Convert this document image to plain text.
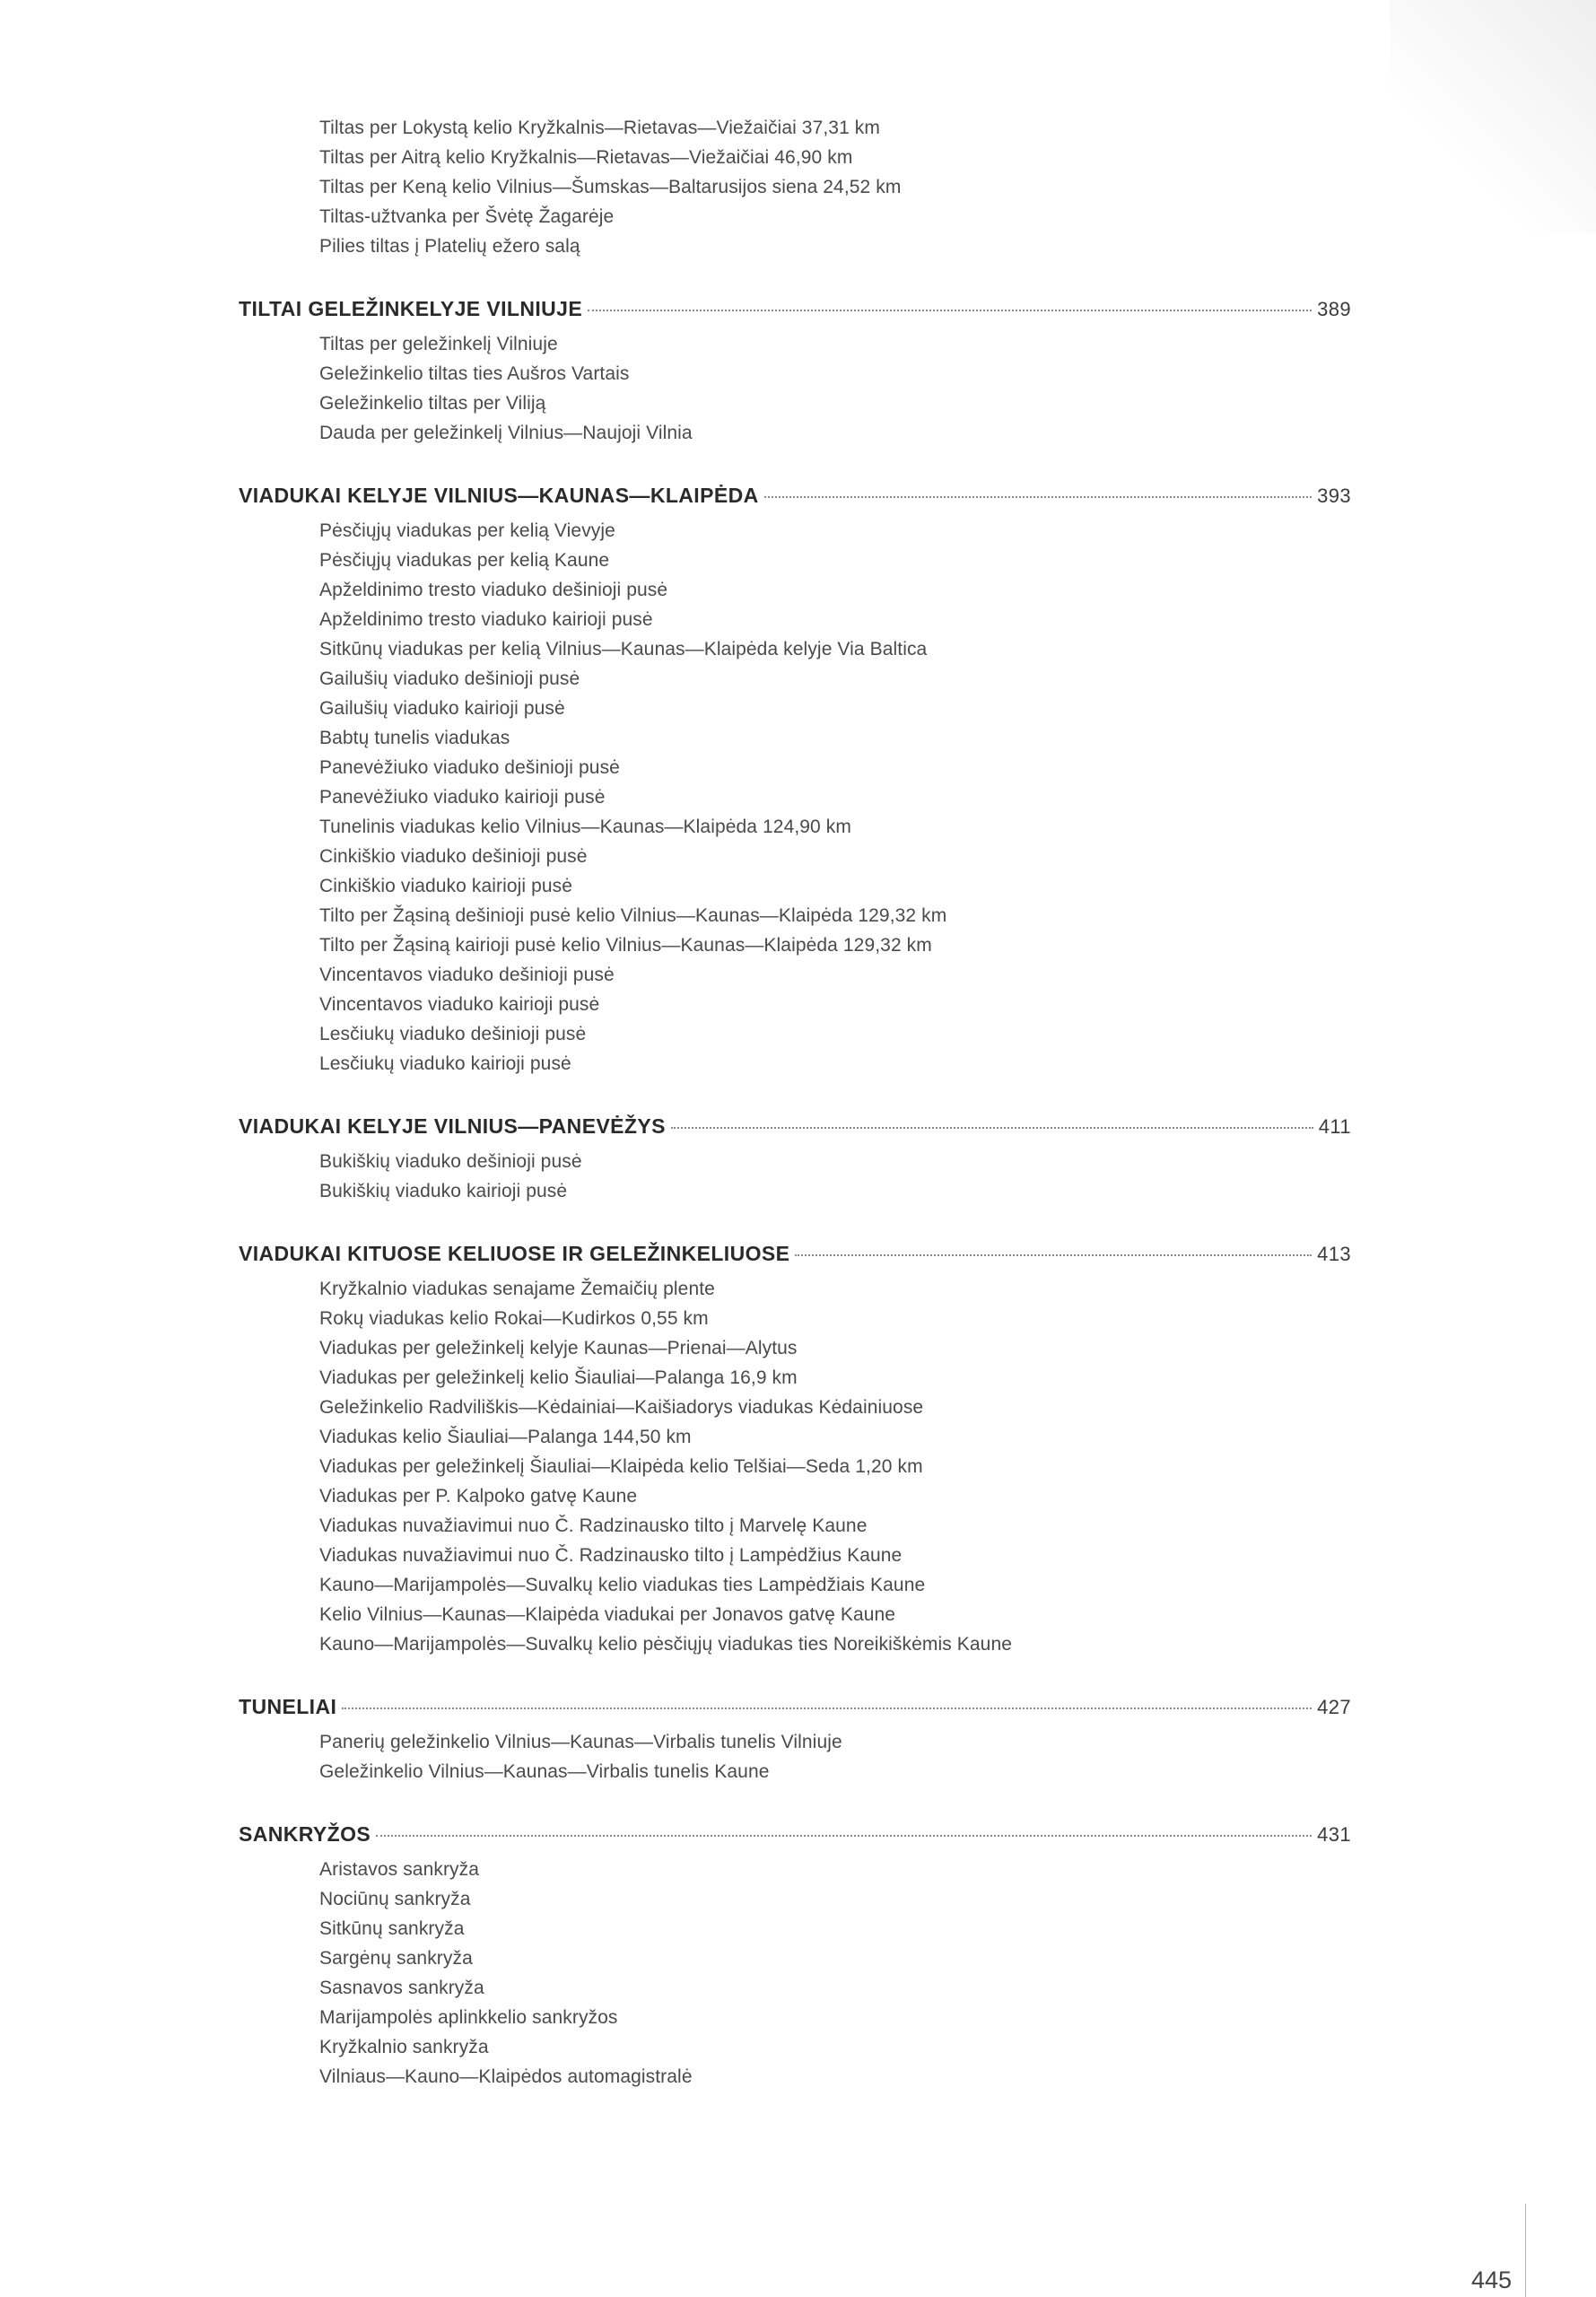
Tiltas per Lokystą kelio Kryžkalnis—Rietavas—Viežaičiai 37,31 km
Tiltas per Aitrą kelio Kryžkalnis—Rietavas—Viežaičiai 46,90 km
Tiltas per Keną kelio Vilnius—Šumskas—Baltarusijos siena 24,52 km
Tiltas-užtvanka per Švėtę Žagarėje
Pilies tiltas į Platelių ežero salą
TILTAI GELEŽINKELYJE VILNIUJE	389
Tiltas per geležinkelį Vilniuje
Geležinkelio tiltas ties Aušros Vartais
Geležinkelio tiltas per Viliją
Dauda per geležinkelį Vilnius—Naujoji Vilnia
VIADUKAI KELYJE VILNIUS—KAUNAS—KLAIPĖDA	393
Pėsčiųjų viadukas per kelią Vievyje
Pėsčiųjų viadukas per kelią Kaune
Apželdinimo tresto viaduko dešinioji pusė
Apželdinimo tresto viaduko kairioji pusė
Sitkūnų viadukas per kelią Vilnius—Kaunas—Klaipėda kelyje Via Baltica
Gailušių viaduko dešinioji pusė
Gailušių viaduko kairioji pusė
Babtų tunelis viadukas
Panevėžiuko viaduko dešinioji pusė
Panevėžiuko viaduko kairioji pusė
Tunelinis viadukas kelio Vilnius—Kaunas—Klaipėda 124,90 km
Cinkiškio viaduko dešinioji pusė
Cinkiškio viaduko kairioji pusė
Tilto per Žąsiną dešinioji pusė kelio Vilnius—Kaunas—Klaipėda 129,32 km
Tilto per Žąsiną kairioji pusė kelio Vilnius—Kaunas—Klaipėda 129,32 km
Vincentavos viaduko dešinioji pusė
Vincentavos viaduko kairioji pusė
Lesčiukų viaduko dešinioji pusė
Lesčiukų viaduko kairioji pusė
VIADUKAI KELYJE VILNIUS—PANEVĖŽYS	411
Bukiškių viaduko dešinioji pusė
Bukiškių viaduko kairioji pusė
VIADUKAI KITUOSE KELIUOSE IR GELEŽINKELIUOSE	413
Kryžkalnio viadukas senajame Žemaičių plente
Rokų viadukas kelio Rokai—Kudirkos 0,55 km
Viadukas per geležinkelį kelyje Kaunas—Prienai—Alytus
Viadukas per geležinkelį kelio Šiauliai—Palanga 16,9 km
Geležinkelio Radviliškis—Kėdainiai—Kaišiadorys viadukas Kėdainiuose
Viadukas kelio Šiauliai—Palanga 144,50 km
Viadukas per geležinkelį Šiauliai—Klaipėda kelio Telšiai—Seda 1,20 km
Viadukas per P. Kalpoko gatvę Kaune
Viadukas nuvažiavimui nuo Č. Radzinausko tilto į Marvelę Kaune
Viadukas nuvažiavimui nuo Č. Radzinausko tilto į Lampėdžius Kaune
Kauno—Marijampolės—Suvalkų kelio viadukas ties Lampėdžiais Kaune
Kelio Vilnius—Kaunas—Klaipėda viadukai per Jonavos gatvę Kaune
Kauno—Marijampolės—Suvalkų kelio pėsčiųjų viadukas ties Noreikiškėmis Kaune
TUNELIAI	427
Panerių geležinkelio Vilnius—Kaunas—Virbalis tunelis Vilniuje
Geležinkelio Vilnius—Kaunas—Virbalis tunelis Kaune
SANKRYŽOS	431
Aristavos sankryža
Nociūnų sankryža
Sitkūnų sankryža
Sargėnų sankryža
Sasnavos sankryža
Marijampolės aplinkkelio sankryžos
Kryžkalnio sankryža
Vilniaus—Kauno—Klaipėdos automagistralė
445
